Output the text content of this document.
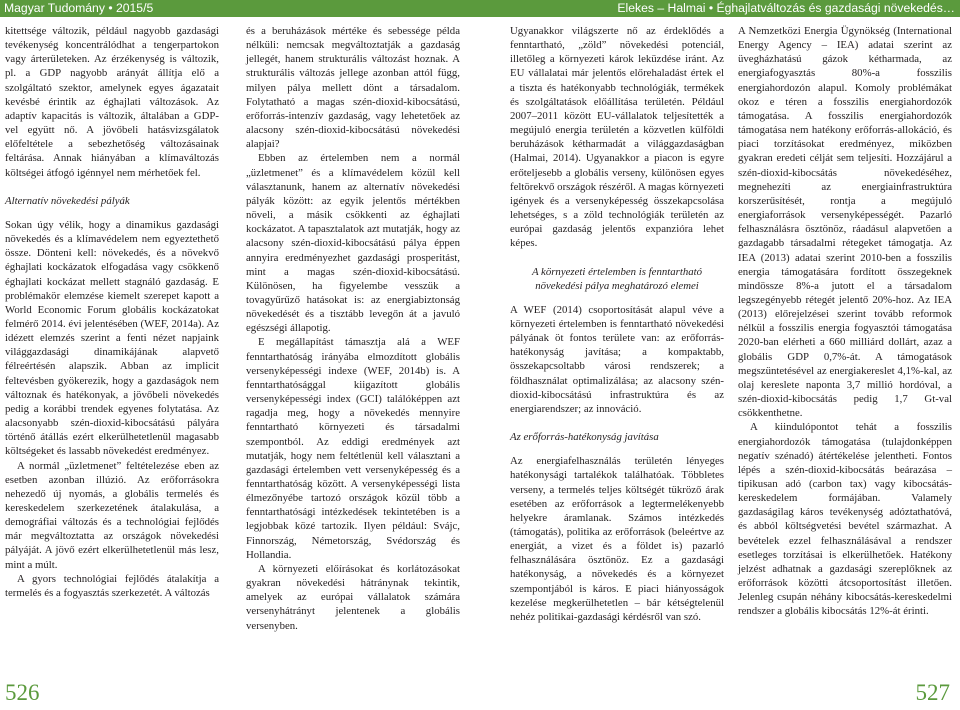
Magyar Tudomány • 2015/5	Elekes – Halmai • Éghajlatváltozás és gazdasági növekedés…

kitettsége változik, például nagyobb gazdasági tevékenység koncentrálódhat a tengerpartokon vagy árterületeken. Az érzékenység is változik, pl. a GDP nagyobb arányát állítja elő a szolgáltató szektor, amelynek egyes ágazatait kevésbé érintik az éghajlati változások. Az adaptív kapacitás is változik, általában a GDP-vel együtt nő. A jövőbeli hatásvizsgálatok előfeltétele a sebezhetőség változásainak feltárása. Annak hiányában a klímaváltozás költségei átfogó igénnyel nem mérhetőek fel.

Alternatív növekedési pályák

Sokan úgy vélik, hogy a dinamikus gazdasági növekedés és a klímavédelem nem egyeztethető össze. Dönteni kell: növekedés, és a növekvő éghajlati kockázatok elfogadása vagy csökkenő éghajlati kockázat mellett stagnáló gazdaság. E problémakör elemzése kiemelt szerepet kapott a World Economic Forum globális kockázatokat felmérő 2014. évi jelentésében (WEF, 2014a). Az idézett elemzés szerint a fenti nézet napjaink világgazdasági dinamikájának alapvető félreértésén alapszik. Abban az implicit feltevésben gyökerezik, hogy a gazdaságok nem változnak és hatékonyak, a jövőbeli növekedés pedig a korábbi trendek egyenes folytatása. Az alacsonyabb szén-dioxid-kibocsátású pályára történő átállás ezért elkerülhetetlenül magasabb költségeket és lassabb növekedést eredményez.

A normál „üzletmenet” feltételezése eben az esetben azonban illúzió. Az erőforrásokra nehezedő új nyomás, a globális termelés és kereskedelem szerkezetének átalakulása, a demográfiai változás és a technológiai fejlődés már megváltoztatta az országok növekedési pályáját. A jövő ezért elkerülhetetlenül más lesz, mint a múlt.

A gyors technológiai fejlődés átalakítja a termelés és a fogyasztás szerkezetét. A változás

és a beruházások mértéke és sebessége példa nélküli: nemcsak megváltoztatják a gazdaság jellegét, hanem strukturális változást hoznak. A strukturális változás jellege azonban attól függ, milyen pálya mellett dönt a társadalom. Folytatható a magas szén-dioxid-kibocsátású, erőforrás-intenzív gazdaság, vagy lehetetőek az alacsony szén-dioxid-kibocsátású növekedési alapjai?

Ebben az értelemben nem a normál „üzletmenet” és a klímavédelem közül kell választanunk, hanem az alternatív növekedési pályák között: az egyik jelentős mértékben növeli, a másik csökkenti az éghajlati kockázatot. A tapasztalatok azt mutatják, hogy az alacsony szén-dioxid-kibocsátású pálya éppen annyira eredményezhet gazdasági prosperitást, mint a magas szén-dioxid-kibocsátású. Különösen, ha figyelembe vesszük a tovagyűrűző hatásokat is: az energiabiztonság növekedését és a tisztább levegőn át a javuló egészségi állapotig.

E megállapítást támasztja alá a WEF fenntarthatóság irányába elmozdított globális versenyképességi indexe (WEF, 2014b) is. A fenntarthatósággal kiigazított globális versenyképességi index (GCI) találóképpen azt ragadja meg, hogy a növekedés mennyire fenntartható környezeti és társadalmi szempontból. Az eddigi eredmények azt mutatják, hogy nem feltétlenül kell választani a gazdasági értelemben vett versenyképesség és a fenntarthatóság között. A versenyképességi lista élmezőnyébe tartozó országok közül több a fenntarthatósági intézkedések tekintetében is a legjobbak közé tartozik. Ilyen például: Svájc, Finnország, Németország, Svédország és Hollandia.

A környezeti előírásokat és korlátozásokat gyakran növekedési hátránynak tekintik, amelyek az európai vállalatok számára versenyhátrányt jelentenek a globális versenyben.

Ugyanakkor világszerte nő az érdeklődés a fenntartható, „zöld” növekedési potenciál, illetőleg a környezeti károk leküzdése iránt. Az EU vállalatai már jelentős előrehaladást értek el a tiszta és hatékonyabb technológiák, termékek és szolgáltatások előállítása területén. Például 2007–2011 között EU-vállalatok teljesítették a megújuló energia területén a közvetlen külföldi beruházások kétharmadát a világgazdaságban (Halmai, 2014). Ugyanakkor a piacon is egyre erőteljesebb a globális verseny, különösen egyes feltörekvő országok részéről. A magas környezeti igények és a versenyképesség összekapcsolása lehetséges, s a zöld technológiák területén az európai gazdaság jelentős expanzióra lehet képes.

A környezeti értelemben is fenntartható növekedési pálya meghatározó elemei

A WEF (2014) csoportosítását alapul véve a környezeti értelemben is fenntartható növekedési pályának öt fontos területe van: az erőforrás-hatékonyság javítása; a kompaktabb, összekapcsoltabb városi rendszerek; a földhasználat optimalizálása; az alacsony szén-dioxid-kibocsátású infrastruktúra és az energiarendszer; az innováció.

Az erőforrás-hatékonyság javítása

Az energiafelhasználás területén lényeges hatékonysági tartalékok találhatóak. Többletes verseny, a termelés teljes költségét tükröző árak esetében az erőforrások a legtermelékenyebb helyekre áramlanak. Számos intézkedés (támogatás), politika az erőforrások (beleértve az energiát, a vizet és a földet is) pazarló felhasználására ösztönöz. Ez a gazdasági hatékonyság, a növekedés és a környezet szempontjából is káros. E piaci hiányosságok kezelése megkerülhetetlen – bár kétségtelenül nehéz politikai-gazdasági kérdésről van szó.

A Nemzetközi Energia Ügynökség (International Energy Agency – IEA) adatai szerint az üvegházhatású gázok kétharmada, az energiafogyasztás 80%-a fosszilis energiahordozón alapul. Komoly problémákat okoz e téren a fosszilis energiahordozók támogatása. A fosszilis energiahordozók támogatása nem hatékony erőforrás-allokáció, és piaci torzításokat eredményez, miközben gyakran eredeti célját sem teljesíti. Hozzájárul a szén-dioxid-kibocsátás növekedéséhez, megnehezíti az energiainfrastruktúra korszerűsítését, rontja a megújuló energiaforrások versenyképességét. Pazarló felhasználásra ösztönöz, ráadásul alapvetően a gazdagabb társadalmi rétegeket támogatja. Az IEA (2013) adatai szerint 2010-ben a fosszilis energia támogatására fordított összegeknek mindössze 8%-a jutott el a társadalom legszegényebb rétegét jelentő 20%-hoz. Az IEA (2013) előrejelzései szerint tovább reformok nélkül a fosszilis energia fogyasztói támogatása 2020-ban elérheti a 660 milliárd dollárt, azaz a globális GDP 0,7%-át. A támogatások megszüntetésével az energiakereslet 4,1%-kal, az olaj kereslete naponta 3,7 millió hordóval, a szén-dioxid-kibocsátás pedig 1,7 Gt-val csökkenthetne.

A kiindulópontot tehát a fosszilis energiahordozók támogatása (tulajdonképpen negatív szénadó) átértékelése jelentheti. Fontos lépés a szén-dioxid-kibocsátás beárazása – tipikusan adó (carbon tax) vagy kibocsátás-kereskedelem formájában. Valamely gazdaságilag káros tevékenység adóztathatóvá, és abból költségvetési bevétel származhat. A bevételek ezzel felhasználásával a rendszer esetleges torzításai is elkerülhetőek. Hatékony jelzést adhatnak a gazdasági szereplőknek az erőforrások közötti átcsoportosítást illetően. Jelenleg csupán néhány kibocsátás-kereskedelmi rendszer a globális kibocsátás 12%-át érinti.

526	527
